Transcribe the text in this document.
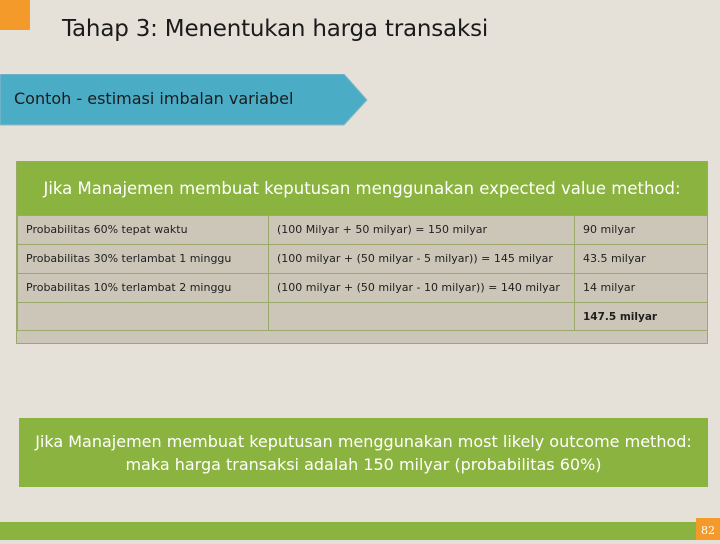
Tahap 3: Menentukan harga transaksi
Contoh - estimasi imbalan variabel
Jika Manajemen membuat keputusan menggunakan expected value method:
Probabilitas 60% tepat waktu	(100 Milyar + 50 milyar) = 150 milyar	90 milyar
Probabilitas 30% terlambat 1 minggu	(100 milyar + (50 milyar - 5 milyar)) = 145 milyar	43.5 milyar
Probabilitas 10% terlambat 2 minggu	(100 milyar + (50 milyar - 10 milyar)) = 140 milyar	14 milyar
		147.5 milyar
Jika Manajemen membuat keputusan menggunakan most likely outcome method:
maka harga transaksi adalah 150 milyar (probabilitas 60%)
82
